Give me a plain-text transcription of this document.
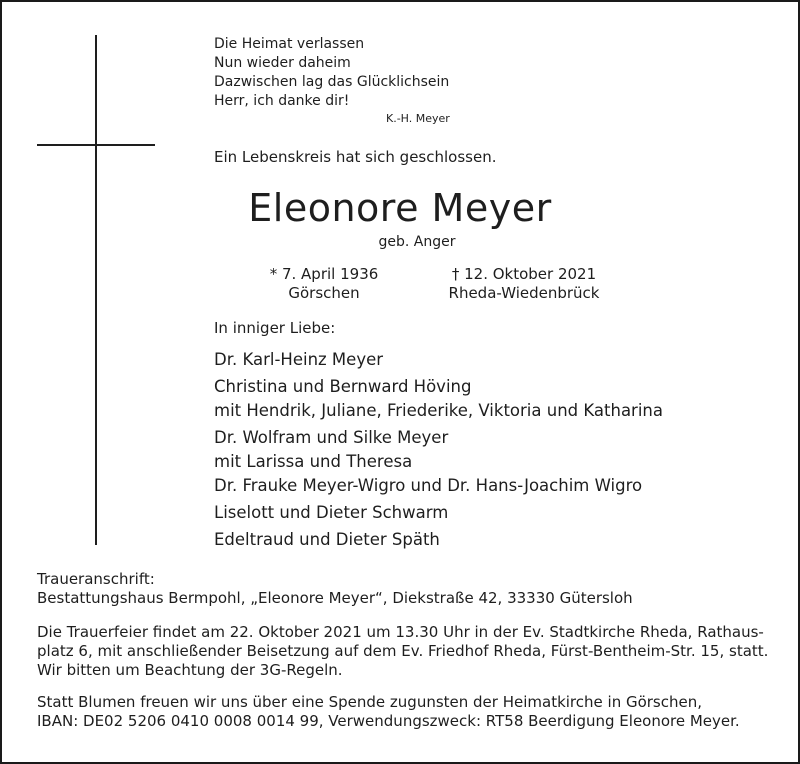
Die Heimat verlassen
Nun wieder daheim
Dazwischen lag das Glücklichsein
Herr, ich danke dir!
K.-H. Meyer
Ein Lebenskreis hat sich geschlossen.
Eleonore Meyer
geb. Anger
* 7. April 1936
Görschen
† 12. Oktober 2021
Rheda-Wiedenbrück
In inniger Liebe:
Dr. Karl-Heinz Meyer
Christina und Bernward Höving
mit Hendrik, Juliane, Friederike, Viktoria und Katharina
Dr. Wolfram und Silke Meyer
mit Larissa und Theresa
Dr. Frauke Meyer-Wigro und Dr. Hans-Joachim Wigro
Liselott und Dieter Schwarm
Edeltraud und Dieter Späth
Traueranschrift:
Bestattungshaus Bermpohl, „Eleonore Meyer“, Diekstraße 42, 33330 Gütersloh
Die Trauerfeier findet am 22. Oktober 2021 um 13.30 Uhr in der Ev. Stadtkirche Rheda, Rathaus-
platz 6, mit anschließender Beisetzung auf dem Ev. Friedhof Rheda, Fürst-Bentheim-Str. 15, statt.
Wir bitten um Beachtung der 3G-Regeln.
Statt Blumen freuen wir uns über eine Spende zugunsten der Heimatkirche in Görschen,
IBAN: DE02 5206 0410 0008 0014 99, Verwendungszweck: RT58 Beerdigung Eleonore Meyer.
